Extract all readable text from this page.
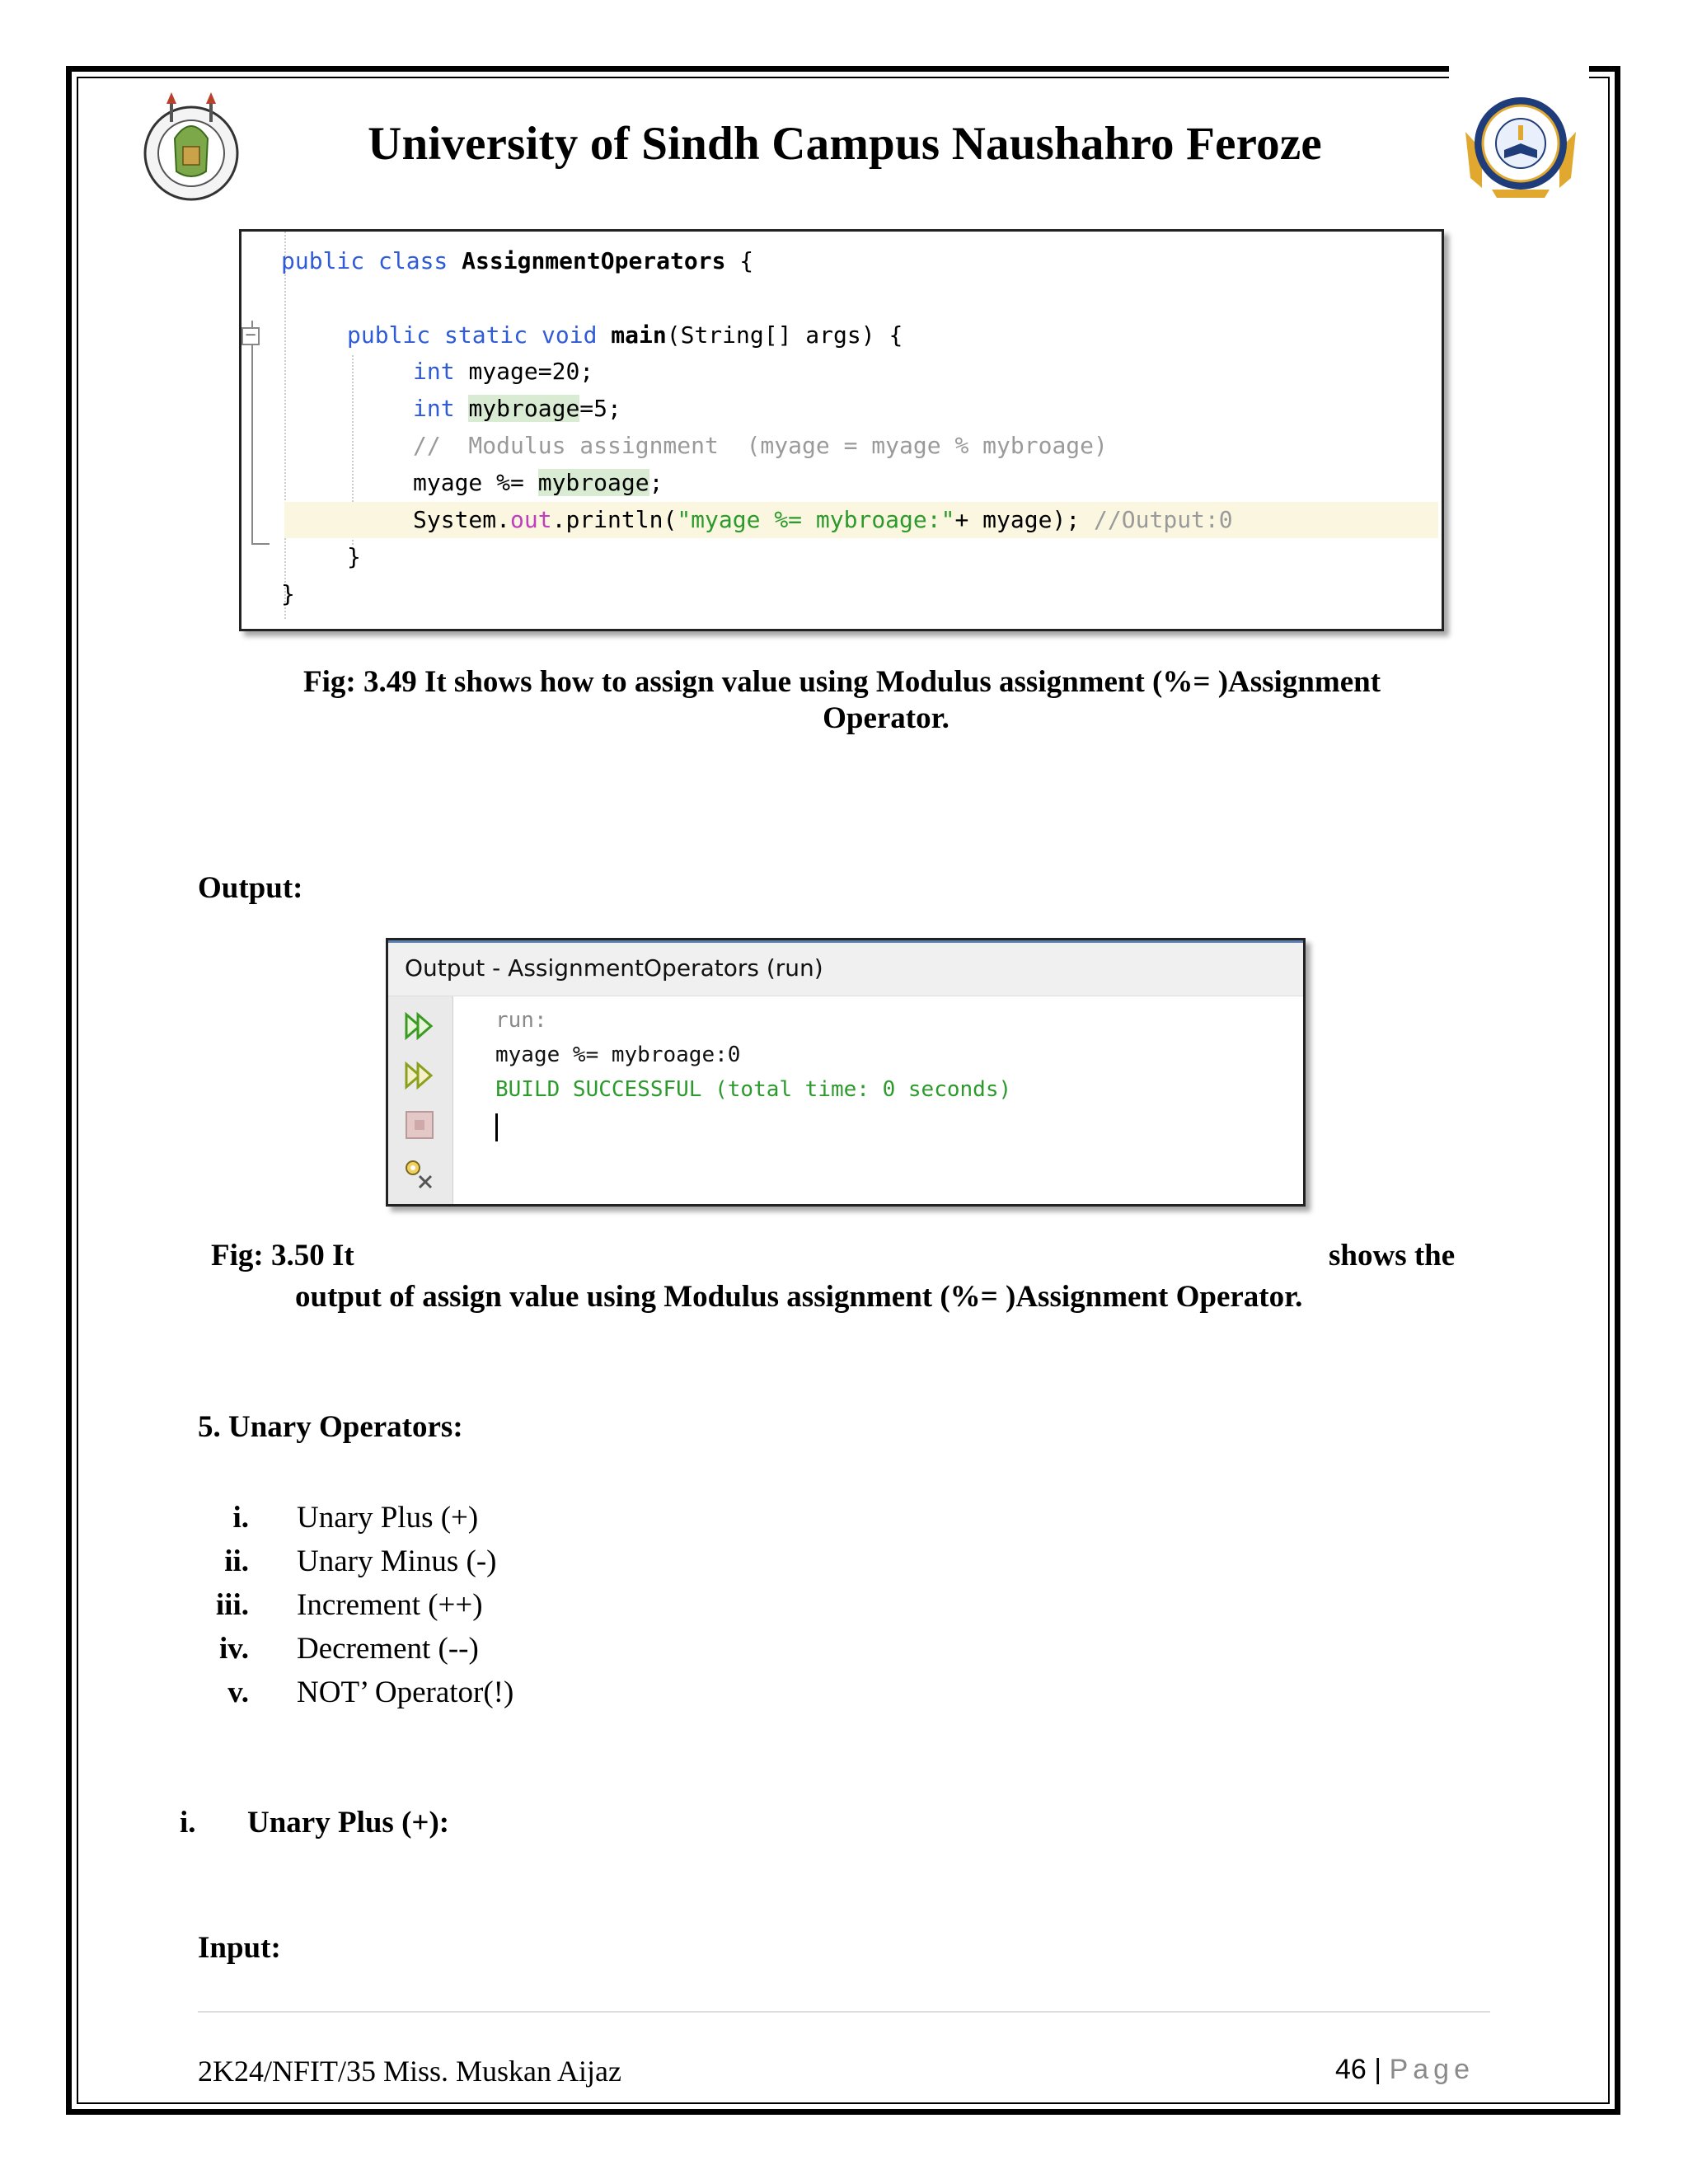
University of Sindh Campus Naushahro Feroze
−
public class AssignmentOperators {
public static void main(String[] args) {
int myage=20;
int mybroage=5;
//  Modulus assignment  (myage = myage % mybroage)
myage %= mybroage;
System.out.println("myage %= mybroage:"+ myage); //Output:0
}
}
Fig: 3.49 It shows how to assign value using Modulus assignment (%= )Assignment
Operator.
Output:
Output - AssignmentOperators (run)
run:
myage %= mybroage:0
BUILD SUCCESSFUL (total time: 0 seconds)
Fig: 3.50 It	shows the
output of assign value using Modulus assignment (%= )Assignment Operator.
5. Unary Operators:
i. Unary Plus (+)
ii. Unary Minus (-)
iii. Increment (++)
iv. Decrement (--)
v. NOT’ Operator(!)
i. Unary Plus (+):
Input:
2K24/NFIT/35 Miss. Muskan Aijaz	46 | Page
